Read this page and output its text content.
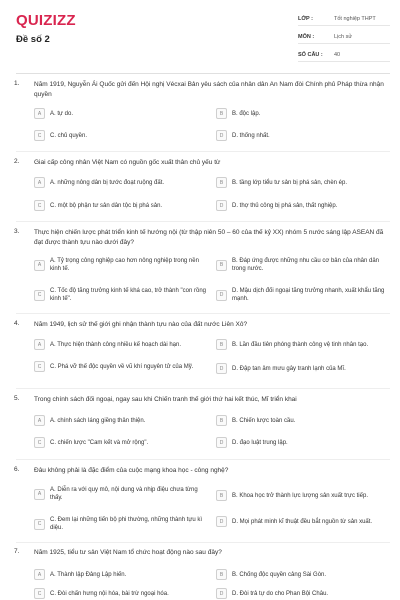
QUIZIZZ
Đề số 2
LỚP :	Tốt nghiệp THPT
MÔN :	Lịch sử
SỐ CÂU :	40
1. Năm 1919, Nguyễn Ái Quốc gửi đến Hội nghị Vécxai Bản yêu sách của nhân dân An Nam đòi Chính phủ Pháp thừa nhận quyền
A	A. tự do.	B	B. độc lập.
C	C. chủ quyền.	D	D. thống nhất.
2. Giai cấp công nhân Việt Nam có nguồn gốc xuất thân chủ yếu từ
A	A. những nông dân bị tước đoạt ruộng đất.	B	B. tầng lớp tiểu tư sản bị phá sản, chèn ép.
C	C. một bộ phận tư sản dân tộc bị phá sản.	D	D. thợ thủ công bị phá sản, thất nghiệp.
3. Thực hiện chiến lược phát triển kinh tế hướng nội (từ thập niên 50 – 60 của thế kỷ XX) nhóm 5 nước sáng lập ASEAN đã đạt được thành tựu nào dưới đây?
A
A. Tỷ trọng công nghiệp cao hơn nông nghiệp trong nền kinh tế.
B
B. Đáp ứng được những nhu cầu cơ bản của nhân dân trong nước.
C
C. Tốc độ tăng trưởng kinh tế khá cao, trở thành "con rồng kinh tế".
D
D. Mậu dịch đối ngoại tăng trưởng nhanh, xuất khẩu tăng mạnh.
4. Năm 1949, lịch sử thế giới ghi nhận thành tựu nào của đất nước Liên Xô?
A	A. Thực hiện thành công nhiều kế hoạch dài hạn.	B	B. Lần đầu tiên phóng thành công vệ tinh nhân tạo.
C	C. Phá vỡ thế độc quyền về vũ khí nguyên tử của Mỹ.	D	D. Đập tan âm mưu gây tranh lạnh của Mĩ.
5. Trong chính sách đối ngoại, ngay sau khi Chiến tranh thế giới thứ hai kết thúc, Mĩ triển khai
A	A. chính sách láng giềng thân thiện.	B	B. Chiến lược toàn cầu.
C	C. chiến lược "Cam kết và mở rộng".	D	D. đạo luật trung lập.
6. Đâu không phải là đặc điểm của cuộc mạng khoa học - công nghệ?
A
A. Diễn ra với quy mô, nội dung và nhịp điệu chưa từng thấy.	B	B. Khoa học trở thành lực lượng sản xuất trực tiếp.
C
C. Đem lại những tiến bộ phi thường, những thành tựu kì diệu.
D	D. Mọi phát minh kĩ thuật đều bắt nguồn từ sản xuất.
7. Năm 1925, tiểu tư sản Việt Nam tổ chức hoạt động nào sau đây?
A	A. Thành lập Đảng Lập hiến.	B	B. Chống độc quyền cảng Sài Gòn.
C	C. Đòi chấn hưng nội hóa, bài trừ ngoại hóa.	D	D. Đòi trả tự do cho Phan Bội Châu.
